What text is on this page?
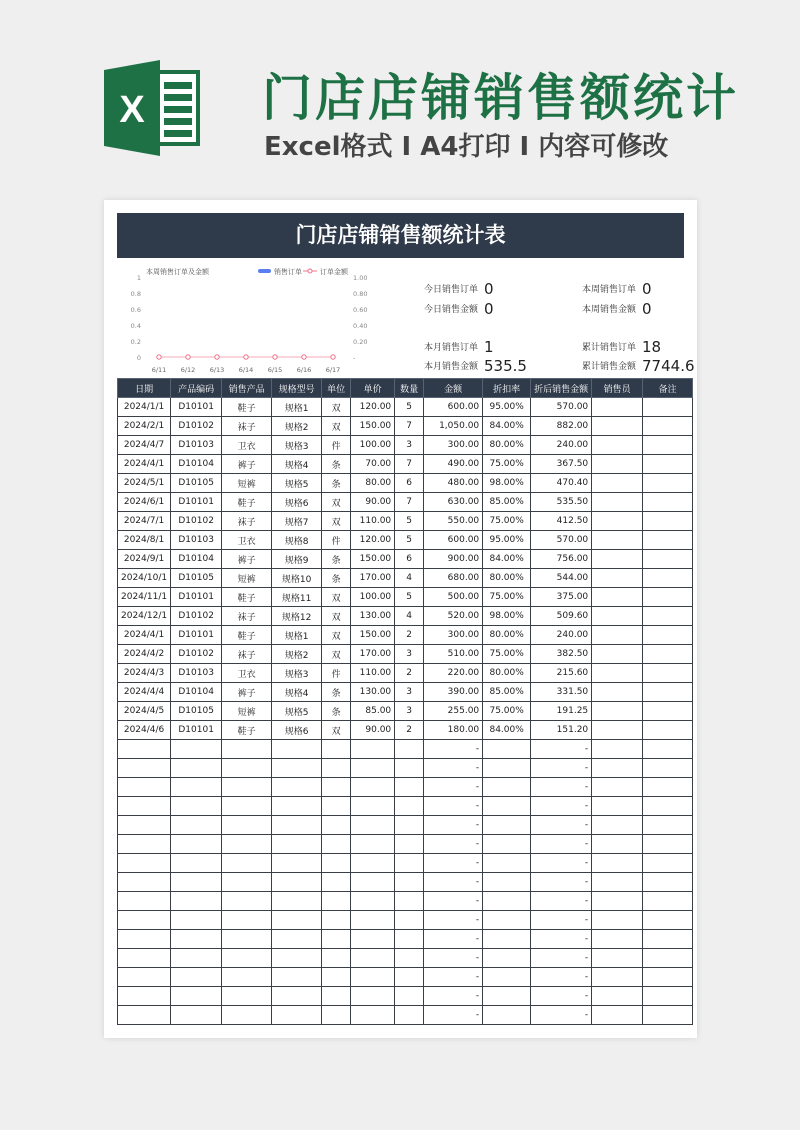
X 门店店铺销售额统计
Excel格式 I A4打印 I 内容可修改
门店店铺销售额统计表
本周销售订单及金额	销售订单	订单金额
1	1.00
0.8	0.80
0.6	0.60
0.4	0.40
0.2	0.20
0	-
6/11 6/12 6/13 6/14 6/15 6/16 6/17
今日销售订单 0
今日销售金额 0
本周销售订单 0
本周销售金额 0
本月销售订单 1
本月销售金额 535.5
累计销售订单 18
累计销售金额 7744.6
日期	产品编码	销售产品	规格型号	单位	单价	数量	金额	折扣率	折后销售金额	销售员	备注
2024/1/1	D10101	鞋子	规格1	双	120.00	5	600.00	95.00%	570.00		
2024/2/1	D10102	袜子	规格2	双	150.00	7	1,050.00	84.00%	882.00		
2024/4/7	D10103	卫衣	规格3	件	100.00	3	300.00	80.00%	240.00		
2024/4/1	D10104	裤子	规格4	条	70.00	7	490.00	75.00%	367.50		
2024/5/1	D10105	短裤	规格5	条	80.00	6	480.00	98.00%	470.40		
2024/6/1	D10101	鞋子	规格6	双	90.00	7	630.00	85.00%	535.50		
2024/7/1	D10102	袜子	规格7	双	110.00	5	550.00	75.00%	412.50		
2024/8/1	D10103	卫衣	规格8	件	120.00	5	600.00	95.00%	570.00		
2024/9/1	D10104	裤子	规格9	条	150.00	6	900.00	84.00%	756.00		
2024/10/1	D10105	短裤	规格10	条	170.00	4	680.00	80.00%	544.00		
2024/11/1	D10101	鞋子	规格11	双	100.00	5	500.00	75.00%	375.00		
2024/12/1	D10102	袜子	规格12	双	130.00	4	520.00	98.00%	509.60		
2024/4/1	D10101	鞋子	规格1	双	150.00	2	300.00	80.00%	240.00		
2024/4/2	D10102	袜子	规格2	双	170.00	3	510.00	75.00%	382.50		
2024/4/3	D10103	卫衣	规格3	件	110.00	2	220.00	80.00%	215.60		
2024/4/4	D10104	裤子	规格4	条	130.00	3	390.00	85.00%	331.50		
2024/4/5	D10105	短裤	规格5	条	85.00	3	255.00	75.00%	191.25		
2024/4/6	D10101	鞋子	规格6	双	90.00	2	180.00	84.00%	151.20		
							-		-		
							-		-		
							-		-		
							-		-		
							-		-		
							-		-		
							-		-		
							-		-		
							-		-		
							-		-		
							-		-		
							-		-		
							-		-		
							-		-		
							-		-		
